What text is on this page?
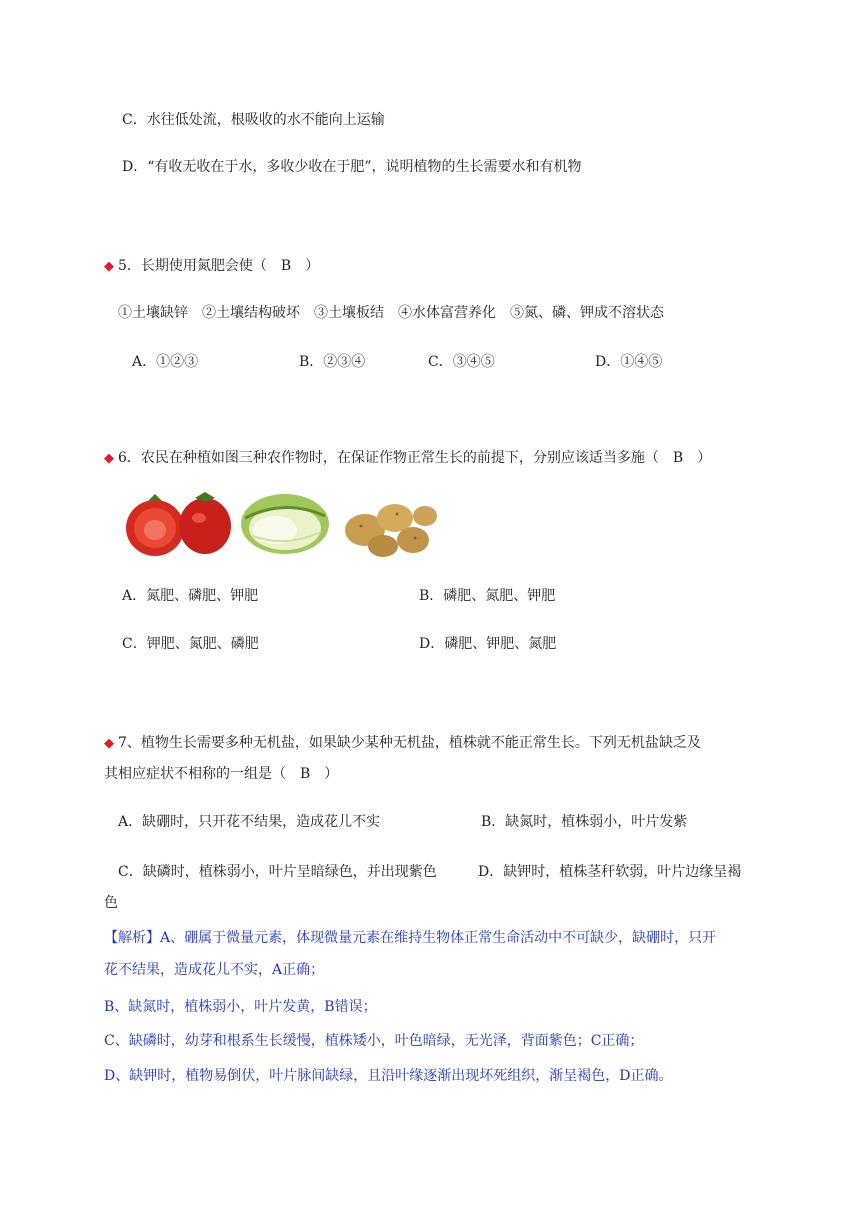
C．水往低处流，根吸收的水不能向上运输
D．“有收无收在于水，多收少收在于肥”，说明植物的生长需要水和有机物
◆ 5．长期使用氮肥会使（　B　）
①土壤缺锌　②土壤结构破坏　③土壤板结　④水体富营养化　⑤氮、磷、钾成不溶状态
A．①②③	B．②③④	C．③④⑤	D．①④⑤
◆ 6．农民在种植如图三种农作物时，在保证作物正常生长的前提下，分别应该适当多施（　B　）
A．氮肥、磷肥、钾肥	B．磷肥、氮肥、钾肥
C．钾肥、氮肥、磷肥	D．磷肥、钾肥、氮肥
◆ 7、植物生长需要多种无机盐，如果缺少某种无机盐，植株就不能正常生长。下列无机盐缺乏及
其相应症状不相称的一组是（　B　）
A．缺硼时，只开花不结果，造成花儿不实	B．缺氮时，植株弱小，叶片发紫
C．缺磷时，植株弱小，叶片呈暗绿色，并出现紫色	D．缺钾时，植株茎秆软弱，叶片边缘呈褐
色
【解析】A、硼属于微量元素，体现微量元素在维持生物体正常生命活动中不可缺少，缺硼时，只开
花不结果，造成花儿不实，A正确；
B、缺氮时，植株弱小，叶片发黄，B错误；
C、缺磷时，幼芽和根系生长缓慢，植株矮小，叶色暗绿，无光泽，背面紫色；C正确；
D、缺钾时，植物易倒伏，叶片脉间缺绿，且沿叶缘逐渐出现坏死组织，渐呈褐色，D正确。
